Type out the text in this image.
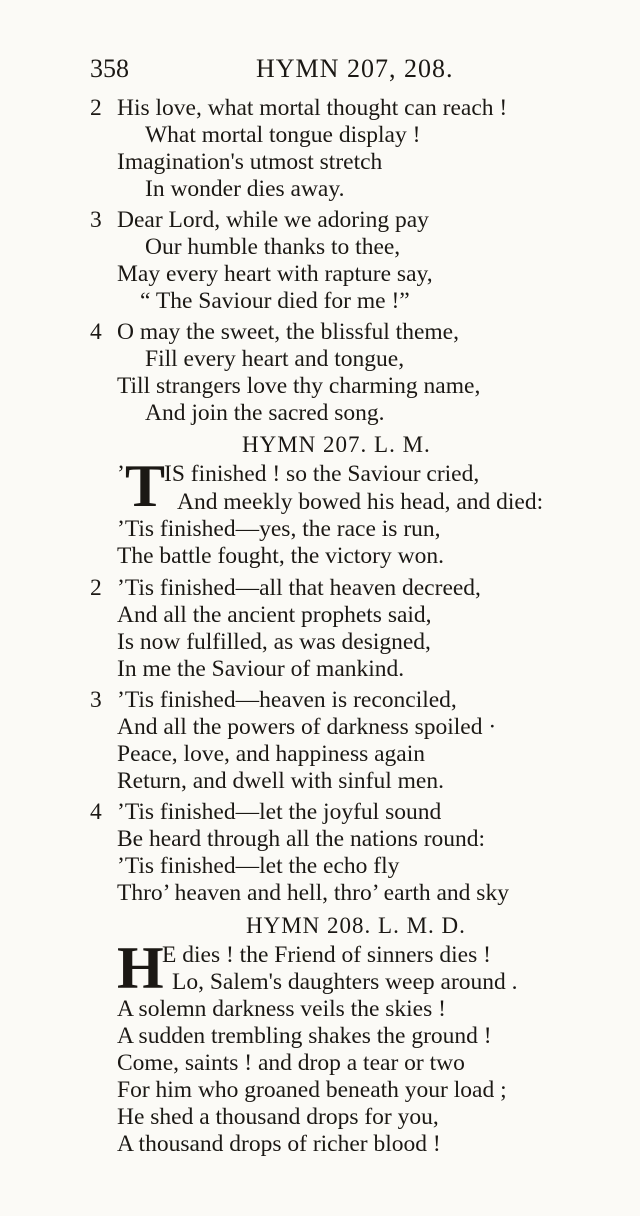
358	HYMN 207, 208.
2 His love, what mortal thought can reach !
What mortal tongue display !
Imagination's utmost stretch
In wonder dies away.
3 Dear Lord, while we adoring pay
Our humble thanks to thee,
May every heart with rapture say,
“ The Saviour died for me !”
4 O may the sweet, the blissful theme,
Fill every heart and tongue,
Till strangers love thy charming name,
And join the sacred song.
HYMN 207. L. M.
’ T
IS finished ! so the Saviour cried,
And meekly bowed his head, and died:
’Tis finished—yes, the race is run,
The battle fought, the victory won.
2 ’Tis finished—all that heaven decreed,
And all the ancient prophets said,
Is now fulfilled, as was designed,
In me the Saviour of mankind.
3 ’Tis finished—heaven is reconciled,
And all the powers of darkness spoiled ·
Peace, love, and happiness again
Return, and dwell with sinful men.
4 ’Tis finished—let the joyful sound
Be heard through all the nations round:
’Tis finished—let the echo fly
Thro’ heaven and hell, thro’ earth and sky
HYMN 208. L. M. D.
H
E dies ! the Friend of sinners dies !
Lo, Salem's daughters weep around .
A solemn darkness veils the skies !
A sudden trembling shakes the ground !
Come, saints ! and drop a tear or two
For him who groaned beneath your load ;
He shed a thousand drops for you,
A thousand drops of richer blood !
